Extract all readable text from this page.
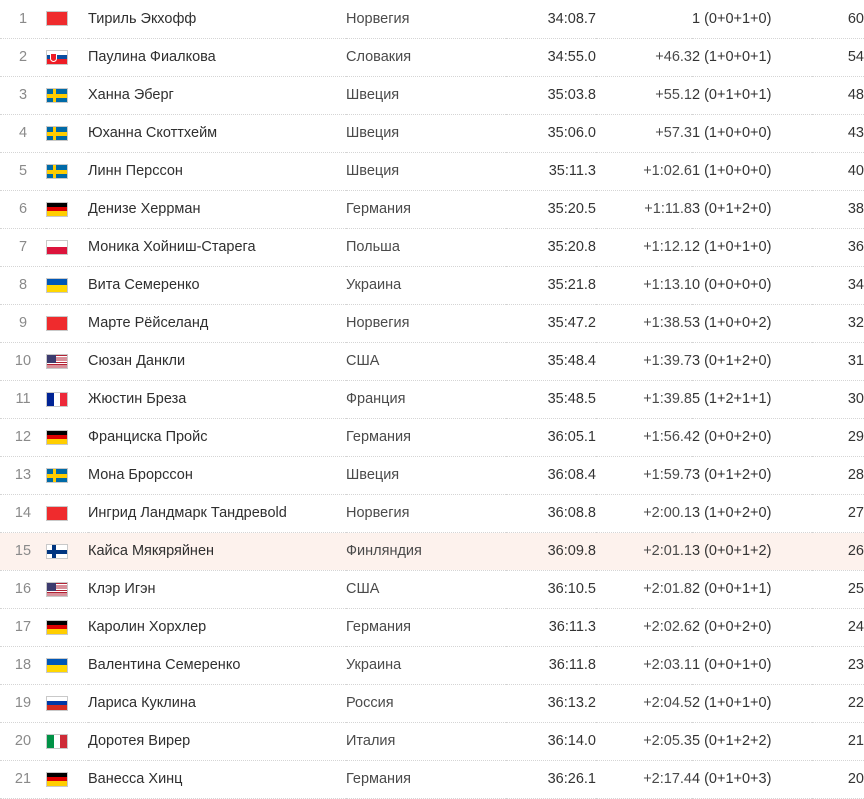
1		Тириль Экхофф	Норвегия	34:08.7		1 (0+0+1+0)	60
2		Паулина Фиалкова	Словакия	34:55.0	+46.3	2 (1+0+0+1)	54
3		Ханна Эберг	Швеция	35:03.8	+55.1	2 (0+1+0+1)	48
4		Юханна Скоттхейм	Швеция	35:06.0	+57.3	1 (1+0+0+0)	43
5		Линн Перссон	Швеция	35:11.3	+1:02.6	1 (1+0+0+0)	40
6		Денизе Херрман	Германия	35:20.5	+1:11.8	3 (0+1+2+0)	38
7		Моника Хойниш-Старега	Польша	35:20.8	+1:12.1	2 (1+0+1+0)	36
8		Вита Семеренко	Украина	35:21.8	+1:13.1	0 (0+0+0+0)	34
9		Марте Рёйселанд	Норвегия	35:47.2	+1:38.5	3 (1+0+0+2)	32
10		Сюзан Данкли	США	35:48.4	+1:39.7	3 (0+1+2+0)	31
11		Жюстин Бреза	Франция	35:48.5	+1:39.8	5 (1+2+1+1)	30
12		Франциска Пройс	Германия	36:05.1	+1:56.4	2 (0+0+2+0)	29
13		Мона Брорссон	Швеция	36:08.4	+1:59.7	3 (0+1+2+0)	28
14		Ингрид Ландмарк Тандревold	Норвегия	36:08.8	+2:00.1	3 (1+0+2+0)	27
15		Кайса Мякяряйнен	Финляндия	36:09.8	+2:01.1	3 (0+0+1+2)	26
16		Клэр Игэн	США	36:10.5	+2:01.8	2 (0+0+1+1)	25
17		Каролин Хорхлер	Германия	36:11.3	+2:02.6	2 (0+0+2+0)	24
18		Валентина Семеренко	Украина	36:11.8	+2:03.1	1 (0+0+1+0)	23
19		Лариса Куклина	Россия	36:13.2	+2:04.5	2 (1+0+1+0)	22
20		Доротея Вирер	Италия	36:14.0	+2:05.3	5 (0+1+2+2)	21
21		Ванесса Хинц	Германия	36:26.1	+2:17.4	4 (0+1+0+3)	20
